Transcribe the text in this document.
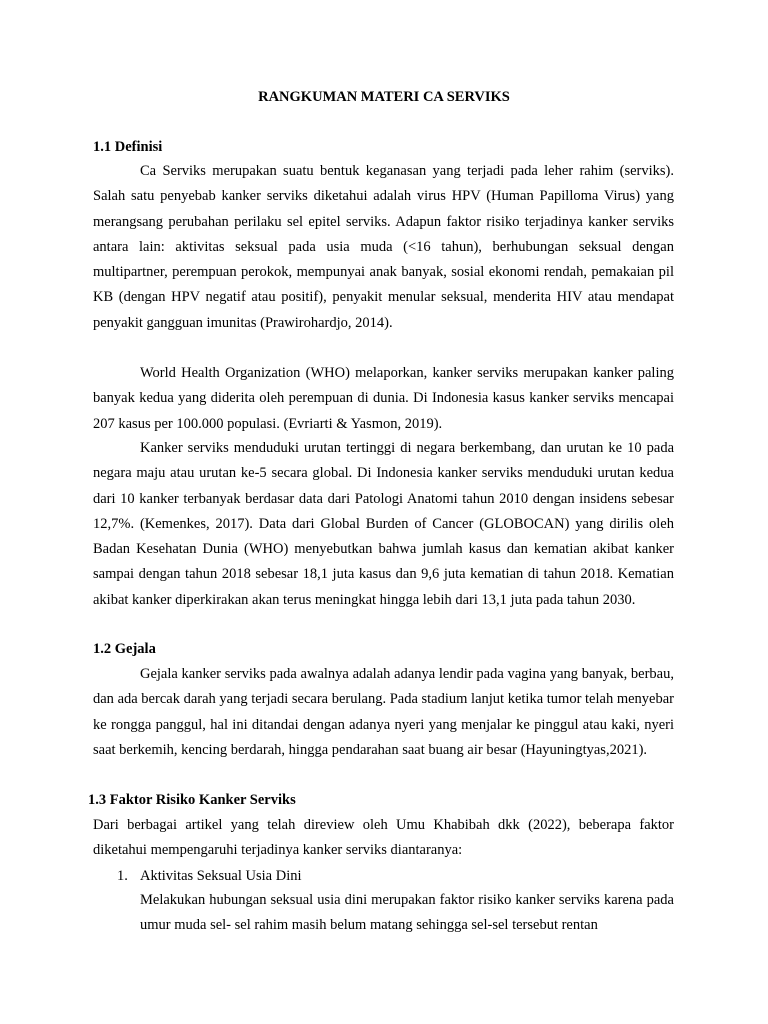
RANGKUMAN MATERI CA SERVIKS
1.1 Definisi

Ca Serviks merupakan suatu bentuk keganasan yang terjadi pada leher rahim (serviks). Salah satu penyebab kanker serviks diketahui adalah virus HPV (Human Papilloma Virus) yang merangsang perubahan perilaku sel epitel serviks. Adapun faktor risiko terjadinya kanker serviks antara lain: aktivitas seksual pada usia muda (<16 tahun), berhubungan seksual dengan multipartner, perempuan perokok, mempunyai anak banyak, sosial ekonomi rendah, pemakaian pil KB (dengan HPV negatif atau positif), penyakit menular seksual, menderita HIV atau mendapat penyakit gangguan imunitas (Prawirohardjo, 2014).

World Health Organization (WHO) melaporkan, kanker serviks merupakan kanker paling banyak kedua yang diderita oleh perempuan di dunia. Di Indonesia kasus kanker serviks mencapai 207 kasus per 100.000 populasi. (Evriarti & Yasmon, 2019).

Kanker serviks menduduki urutan tertinggi di negara berkembang, dan urutan ke 10 pada negara maju atau urutan ke-5 secara global. Di Indonesia kanker serviks menduduki urutan kedua dari 10 kanker terbanyak berdasar data dari Patologi Anatomi tahun 2010 dengan insidens sebesar 12,7%. (Kemenkes, 2017). Data dari Global Burden of Cancer (GLOBOCAN) yang dirilis oleh Badan Kesehatan Dunia (WHO) menyebutkan bahwa jumlah kasus dan kematian akibat kanker sampai dengan tahun 2018 sebesar 18,1 juta kasus dan 9,6 juta kematian di tahun 2018. Kematian akibat kanker diperkirakan akan terus meningkat hingga lebih dari 13,1 juta pada tahun 2030.

1.2 Gejala

Gejala kanker serviks pada awalnya adalah adanya lendir pada vagina yang banyak, berbau, dan ada bercak darah yang terjadi secara berulang. Pada stadium lanjut ketika tumor telah menyebar ke rongga panggul, hal ini ditandai dengan adanya nyeri yang menjalar ke pinggul atau kaki, nyeri saat berkemih, kencing berdarah, hingga pendarahan saat buang air besar (Hayuningtyas,2021).

1.3 Faktor Risiko Kanker Serviks

Dari berbagai artikel yang telah direview oleh Umu Khabibah dkk (2022), beberapa faktor diketahui mempengaruhi terjadinya kanker serviks diantaranya:

1. Aktivitas Seksual Usia Dini

Melakukan hubungan seksual usia dini merupakan faktor risiko kanker serviks karena pada umur muda sel- sel rahim masih belum matang sehingga sel-sel tersebut rentan
